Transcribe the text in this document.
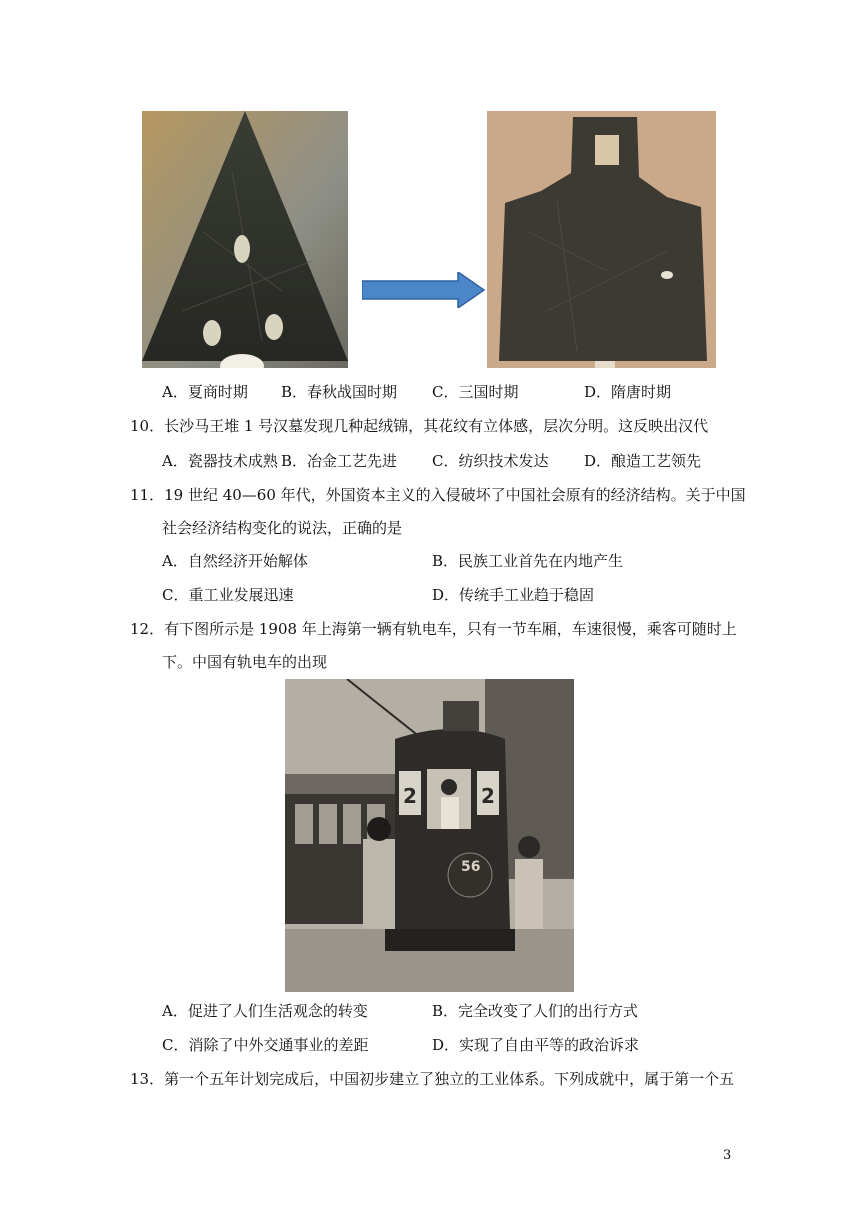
A．夏商时期 B．春秋战国时期 C．三国时期	D．隋唐时期
10．长沙马王堆 1 号汉墓发现几种起绒锦，其花纹有立体感，层次分明。这反映出汉代
A．瓷器技术成熟 B．冶金工艺先进 C．纺织技术发达 D．酿造工艺领先
11．19 世纪 40—60 年代，外国资本主义的入侵破坏了中国社会原有的经济结构。关于中国
社会经济结构变化的说法，正确的是
A．自然经济开始解体	B．民族工业首先在内地产生
C．重工业发展迅速	D．传统手工业趋于稳固
12．有下图所示是 1908 年上海第一辆有轨电车，只有一节车厢，车速很慢，乘客可随时上
下。中国有轨电车的出现
2	2
56
A．促进了人们生活观念的转变	B．完全改变了人们的出行方式
C．消除了中外交通事业的差距	D．实现了自由平等的政治诉求
13．第一个五年计划完成后，中国初步建立了独立的工业体系。下列成就中，属于第一个五
3
